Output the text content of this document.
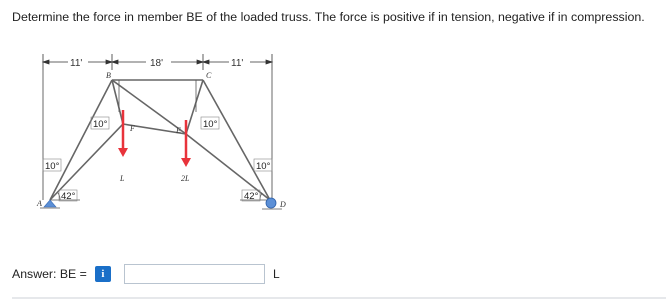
Determine the force in member BE of the loaded truss. The force is positive if in tension, negative if in compression.
11'	18'	11'
10°	10°
10°	10°
42°	42°
L	2L
A
B	C
D
E
F
Answer: BE =	i	L
